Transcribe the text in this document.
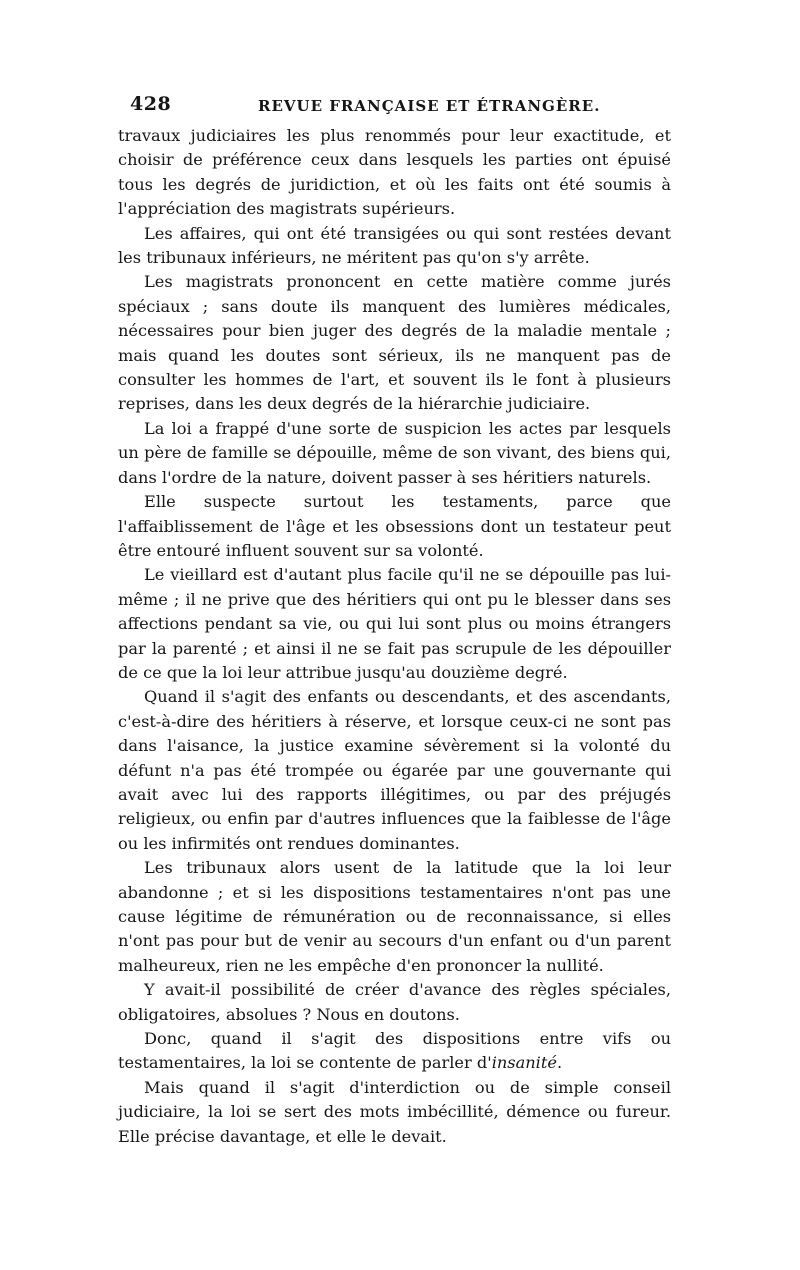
428	REVUE FRANÇAISE ET ÉTRANGÈRE.

travaux judiciaires les plus renommés pour leur exactitude, et choisir de préférence ceux dans lesquels les parties ont épuisé tous les degrés de juridiction, et où les faits ont été soumis à l'appréciation des magistrats supérieurs.

Les affaires, qui ont été transigées ou qui sont restées devant les tribunaux inférieurs, ne méritent pas qu'on s'y arrête.

Les magistrats prononcent en cette matière comme jurés spéciaux ; sans doute ils manquent des lumières médicales, nécessaires pour bien juger des degrés de la maladie mentale ; mais quand les doutes sont sérieux, ils ne manquent pas de consulter les hommes de l'art, et souvent ils le font à plusieurs reprises, dans les deux degrés de la hiérarchie judiciaire.

La loi a frappé d'une sorte de suspicion les actes par lesquels un père de famille se dépouille, même de son vivant, des biens qui, dans l'ordre de la nature, doivent passer à ses héritiers naturels.

Elle suspecte surtout les testaments, parce que l'affaiblissement de l'âge et les obsessions dont un testateur peut être entouré influent souvent sur sa volonté.

Le vieillard est d'autant plus facile qu'il ne se dépouille pas lui-même ; il ne prive que des héritiers qui ont pu le blesser dans ses affections pendant sa vie, ou qui lui sont plus ou moins étrangers par la parenté ; et ainsi il ne se fait pas scrupule de les dépouiller de ce que la loi leur attribue jusqu'au douzième degré.

Quand il s'agit des enfants ou descendants, et des ascendants, c'est-à-dire des héritiers à réserve, et lorsque ceux-ci ne sont pas dans l'aisance, la justice examine sévèrement si la volonté du défunt n'a pas été trompée ou égarée par une gouvernante qui avait avec lui des rapports illégitimes, ou par des préjugés religieux, ou enfin par d'autres influences que la faiblesse de l'âge ou les infirmités ont rendues dominantes.

Les tribunaux alors usent de la latitude que la loi leur abandonne ; et si les dispositions testamentaires n'ont pas une cause légitime de rémunération ou de reconnaissance, si elles n'ont pas pour but de venir au secours d'un enfant ou d'un parent malheureux, rien ne les empêche d'en prononcer la nullité.

Y avait-il possibilité de créer d'avance des règles spéciales, obligatoires, absolues ? Nous en doutons.

Donc, quand il s'agit des dispositions entre vifs ou testamentaires, la loi se contente de parler d'insanité.

Mais quand il s'agit d'interdiction ou de simple conseil judiciaire, la loi se sert des mots imbécillité, démence ou fureur. Elle précise davantage, et elle le devait.
